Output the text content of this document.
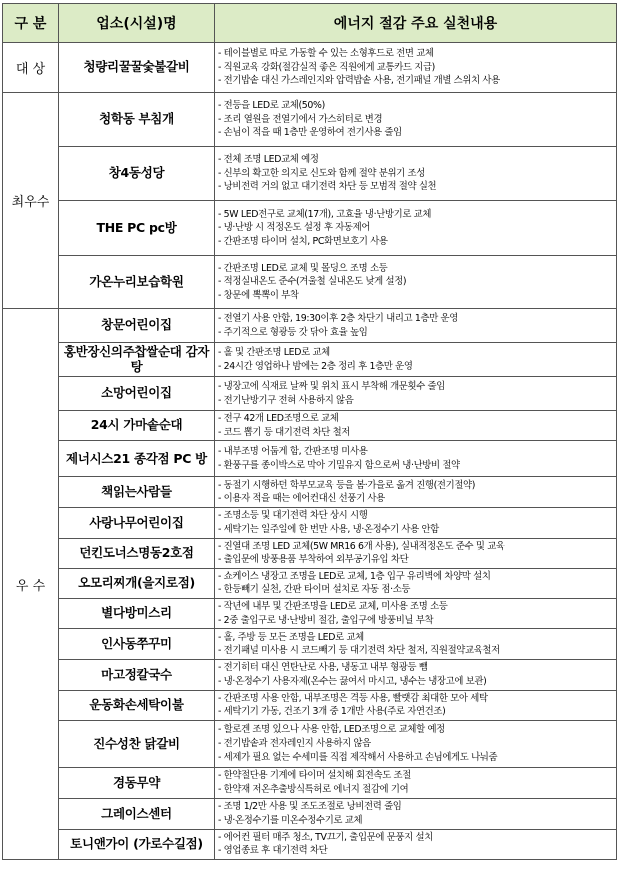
구 분	업소(시설)명	에너지 절감 주요 실천내용
대 상	청량리꿀꿀숯불갈비	- 테이블별로 따로 가동할 수 있는 소형후드로 전면 교체
- 직원교육 강화(절감실적 좋은 직원에게 교통카드 지급)
- 전기밥솥 대신 가스레인지와 압력밥솥 사용, 전기패널 개별 스위치 사용

최우수	청학동 부침개	- 전등을 LED로 교체(50%)
- 조리 열원을 전열기에서 가스히터로 변경
- 손님이 적을 때 1층만 운영하여 전기사용 줄임

	창4동성당	- 전체 조명 LED교체 예정
- 신부의 확고한 의지로 신도와 함께 절약 분위기 조성
- 낭비전력 거의 없고 대기전력 차단 등 모범적 절약 실천

	THE PC pc방	- 5W LED전구로 교체(17개), 고효율 냉·난방기로 교체
- 냉·난방 시 적정온도 설정 후 자동제어
- 간판조명 타이머 설치, PC화면보호기 사용

	가온누리보습학원	- 간판조명 LED로 교체 및 몰딩으 조명 소등
- 적정실내온도 준수(겨울철 실내온도 낮게 설정)
- 창문에 뽁뽁이 부착

우 수	창문어린이집	- 전열기 사용 안함, 19:30이후 2층 차단기 내리고 1층만 운영
- 주기적으로 형광등 갓 닦아 효율 높임

	홍반장신의주찹쌀순대 감자탕	- 홀 및 간판조명 LED로 교체
- 24시간 영업하나 밤에는 2층 정리 후 1층만 운영

	소망어린이집	- 냉장고에 식재료 날짜 및 위치 표시 부착해 개문횟수 줄임
- 전기난방기구 전혀 사용하지 않음

	24시 가마솥순대	- 전구 42개 LED조명으로 교체
- 코드 뽑기 등 대기전력 차단 철저

	제너시스21 종각점 PC 방	- 내부조명 어둡게 함, 간판조명 미사용
- 환풍구를 종이박스로 막아 기밀유지 함으로써 냉·난방비 절약

	책읽는사람들	- 동절기 시행하던 학부모교육 등을 봄·가을로 옮겨 진행(전기절약)
- 이용자 적을 때는 에어컨대신 선풍기 사용

	사랑나무어린이집	- 조명소등 및 대기전력 차단 상시 시행
- 세탁기는 일주일에 한 번만 사용, 냉·온정수기 사용 안함

	던킨도너스명동2호점	- 진열대 조명 LED 교체(5W MR16 6개 사용), 실내적정온도 준수 및 교육
- 출입문에 방풍용품 부착하여 외부공기유입 차단

	오모리찌개(을지로점)	- 쇼케이스 냉장고 조명을 LED로 교체, 1층 입구 유리벽에 차양막 설치
- 한등빼기 실천, 간판 타이머 설치로 자동 점·소등

	별다방미스리	- 작년에 내부 및 간판조명을 LED로 교체, 미사용 조명 소등
- 2중 출입구로 냉·난방비 절감, 출입구에 방풍비닐 부착

	인사동쭈꾸미	- 홀, 주방 등 모든 조명을 LED로 교체
- 전기패널 미사용 시 코드빼기 등 대기전력 차단 철저, 직원절약교육철저

	마고정칼국수	- 전기히터 대신 연탄난로 사용, 냉동고 내부 형광등 뺌
- 냉·온정수기 사용자제(온수는 끓여서 마시고, 냉수는 냉장고에 보관)

	운동화손세탁이불	- 간판조명 사용 안함, 내부조명은 격등 사용, 빨랫감 최대한 모아 세탁
- 세탁기기 가동, 건조기 3개 중 1개만 사용(주로 자연건조)

	진수성찬 닭갈비	- 할로겐 조명 있으나 사용 안함, LED조명으로 교체할 예정
- 전기밥솥과 전자레인지 사용하지 않음
- 세제가 필요 없는 수세미를 직접 제작해서 사용하고 손님에게도 나눠줌

	경동무약	- 한약절단용 기계에 타이머 설치해 회전속도 조절
- 한약재 저온추출방식특허로 에너지 절감에 기여

	그레이스센터	- 조명 1/2만 사용 및 조도조절로 낭비전력 줄임
- 냉·온정수기를 미온수정수기로 교체

	토니앤가이 (가로수길점)	- 에어컨 필터 매주 청소, TV끄기, 출입문에 문풍지 설치
- 영업종료 후 대기전력 차단
